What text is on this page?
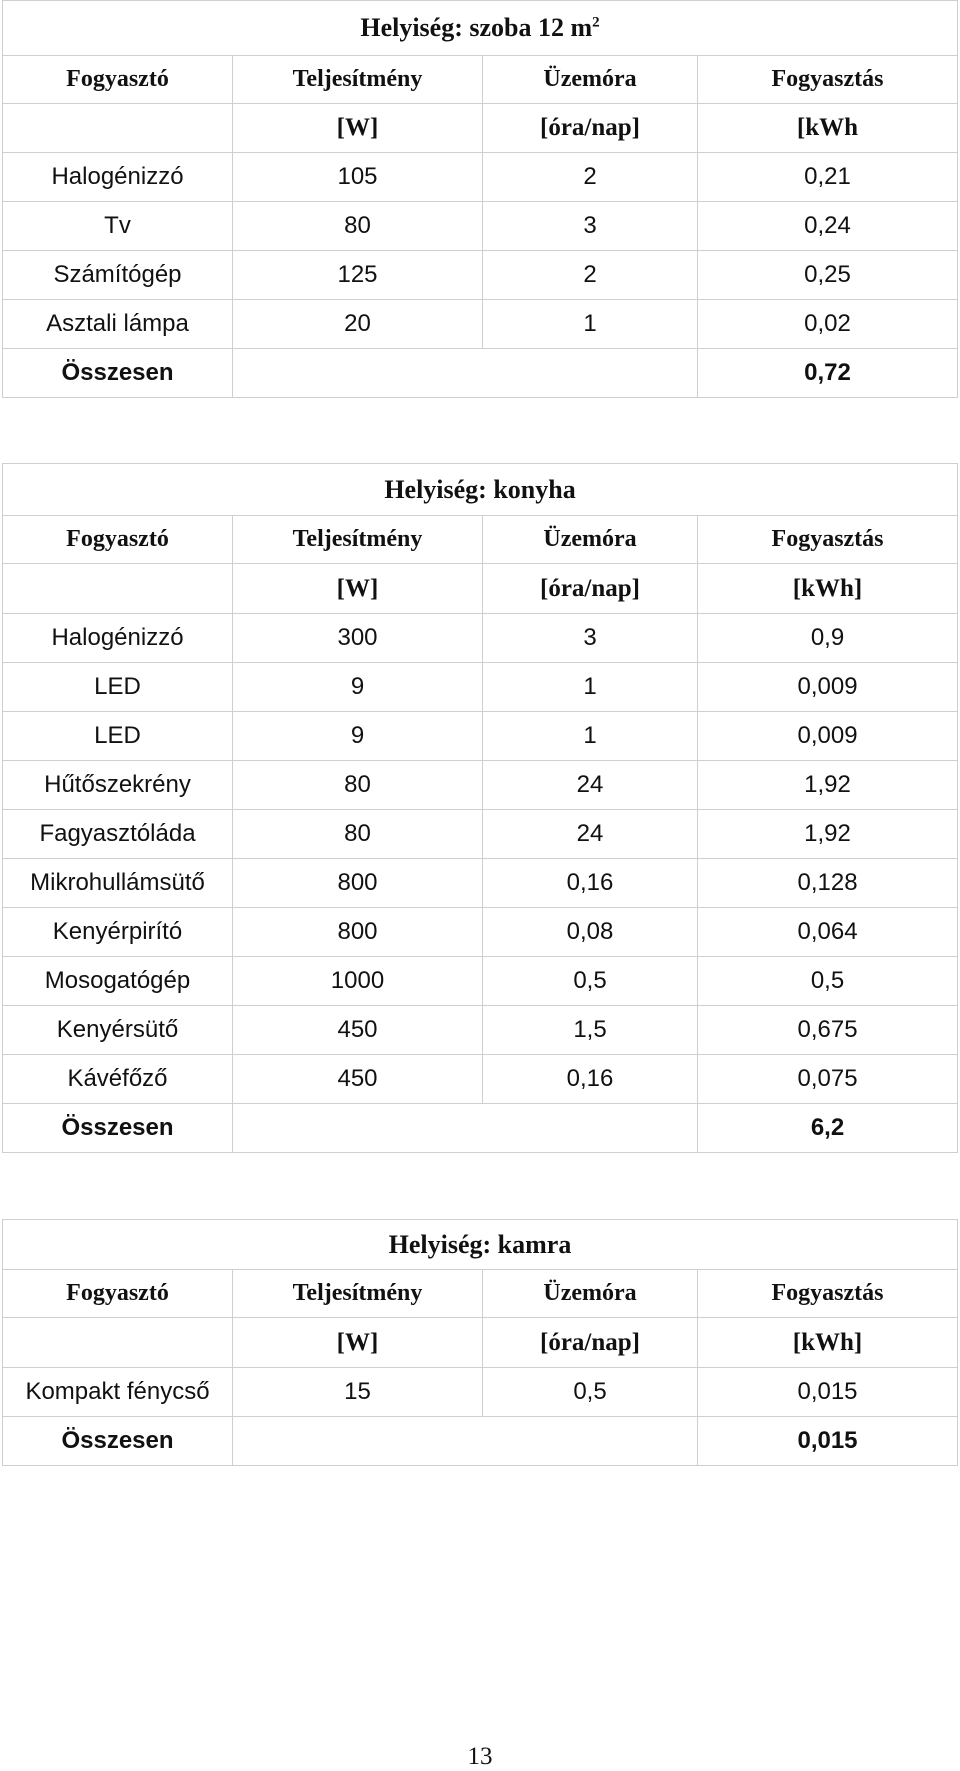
Helyiség: szoba 12 $m^2$
Fogyasztó	Teljesítmény	Üzemóra	Fogyasztás
	[W]	[óra/nap]	[kWh
Halogénizzó	105	2	0,21
Tv	80	3	0,24
Számítógép	125	2	0,25
Asztali lámpa	20	1	0,02
Összesen			0,72
Helyiség: konyha			
Fogyasztó	Teljesítmény	Üzemóra	Fogyasztás
	[W]	[óra/nap]	[kWh]
Halogénizzó	300	3	0,9
LED	9	1	0,009
LED	9	1	0,009
Hűtőszekrény	80	24	1,92
Fagyasztóláda	80	24	1,92
Mikrohullámsütő	800	0,16	0,128
Kenyérpirító	800	0,08	0,064
Mosogatógép	1000	0,5	0,5
Kenyérsütő	450	1,5	0,675
Kávéfőző	450	0,16	0,075
Összesen			6,2
Helyiség: kamra			
Fogyasztó	Teljesítmény	Üzemóra	Fogyasztás
	[W]	[óra/nap]	[kWh]
Kompakt fénycső	15	0,5	0,015
Összesen			0,015
13
